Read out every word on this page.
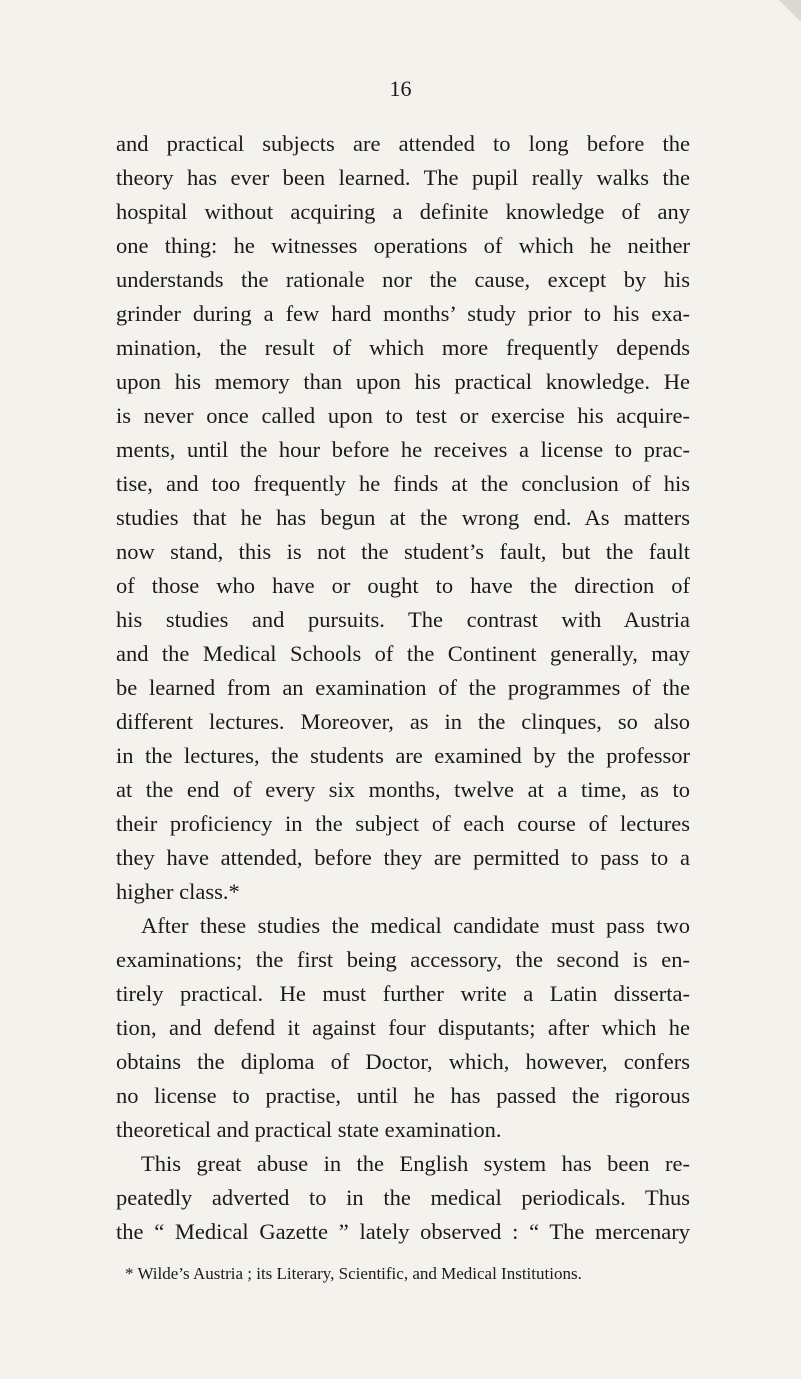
16
and practical subjects are attended to long before the
theory has ever been learned. The pupil really walks the
hospital without acquiring a definite knowledge of any
one thing: he witnesses operations of which he neither
understands the rationale nor the cause, except by his
grinder during a few hard months’ study prior to his exa-
mination, the result of which more frequently depends
upon his memory than upon his practical knowledge. He
is never once called upon to test or exercise his acquire-
ments, until the hour before he receives a license to prac-
tise, and too frequently he finds at the conclusion of his
studies that he has begun at the wrong end. As matters
now stand, this is not the student’s fault, but the fault
of those who have or ought to have the direction of
his studies and pursuits. The contrast with Austria
and the Medical Schools of the Continent generally, may
be learned from an examination of the programmes of the
different lectures. Moreover, as in the clinques, so also
in the lectures, the students are examined by the professor
at the end of every six months, twelve at a time, as to
their proficiency in the subject of each course of lectures
they have attended, before they are permitted to pass to a
higher class.*
After these studies the medical candidate must pass two
examinations; the first being accessory, the second is en-
tirely practical. He must further write a Latin disserta-
tion, and defend it against four disputants; after which he
obtains the diploma of Doctor, which, however, confers
no license to practise, until he has passed the rigorous
theoretical and practical state examination.
This great abuse in the English system has been re-
peatedly adverted to in the medical periodicals. Thus
the “ Medical Gazette ” lately observed : “ The mercenary
* Wilde’s Austria ; its Literary, Scientific, and Medical Institutions.
